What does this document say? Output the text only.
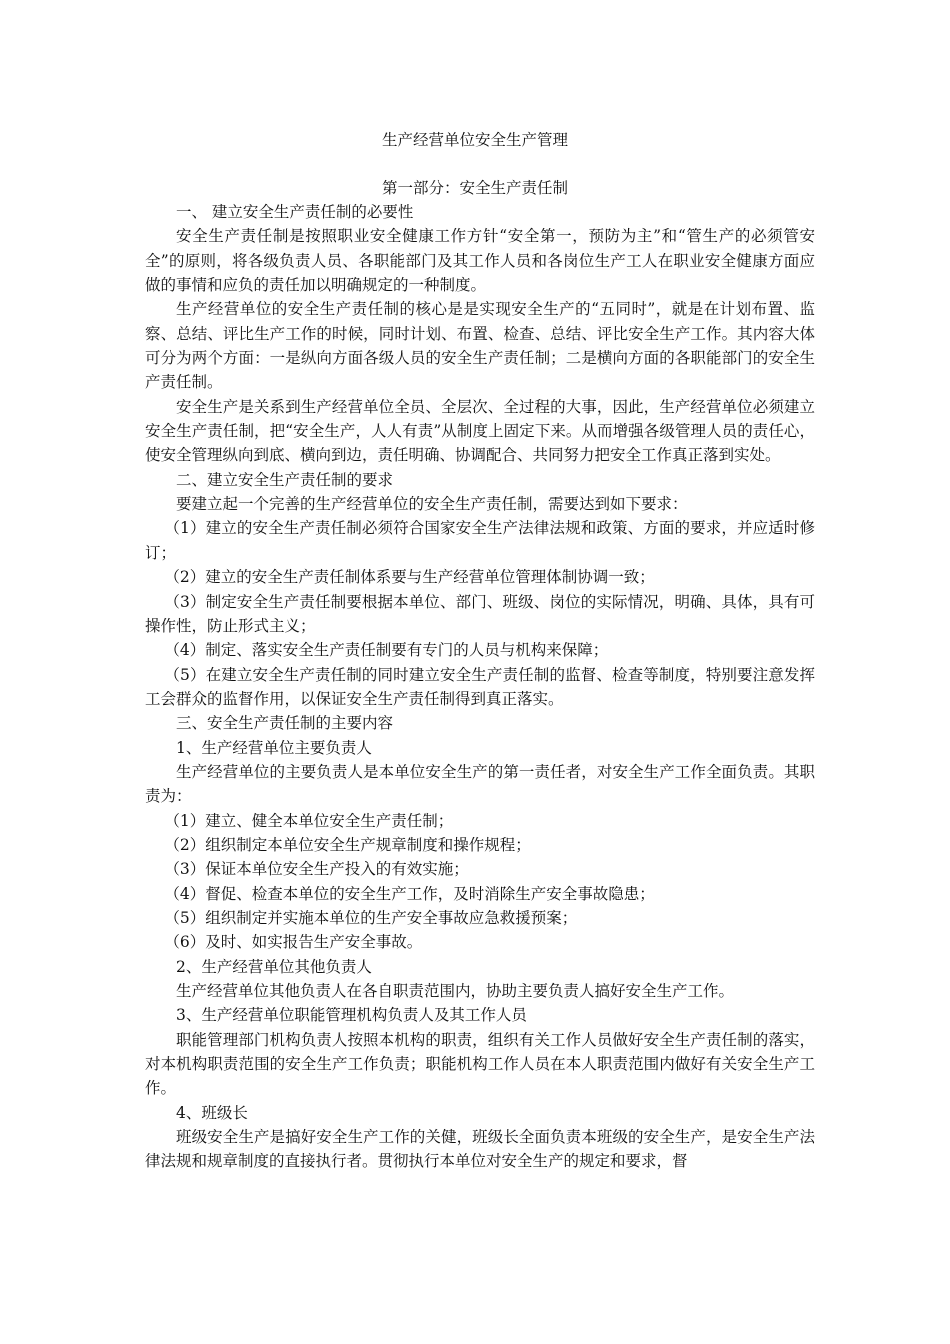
生产经营单位安全生产管理
第一部分：安全生产责任制

一、 建立安全生产责任制的必要性

安全生产责任制是按照职业安全健康工作方针“安全第一，预防为主”和“管生产的必须管安全”的原则，将各级负责人员、各职能部门及其工作人员和各岗位生产工人在职业安全健康方面应做的事情和应负的责任加以明确规定的一种制度。

生产经营单位的安全生产责任制的核心是是实现安全生产的“五同时”，就是在计划布置、监察、总结、评比生产工作的时候，同时计划、布置、检查、总结、评比安全生产工作。其内容大体可分为两个方面：一是纵向方面各级人员的安全生产责任制；二是横向方面的各职能部门的安全生产责任制。

安全生产是关系到生产经营单位全员、全层次、全过程的大事，因此，生产经营单位必须建立安全生产责任制，把“安全生产，人人有责”从制度上固定下来。从而增强各级管理人员的责任心，使安全管理纵向到底、横向到边，责任明确、协调配合、共同努力把安全工作真正落到实处。

二、建立安全生产责任制的要求

要建立起一个完善的生产经营单位的安全生产责任制，需要达到如下要求：

（1）建立的安全生产责任制必须符合国家安全生产法律法规和政策、方面的要求，并应适时修订；

（2）建立的安全生产责任制体系要与生产经营单位管理体制协调一致；

（3）制定安全生产责任制要根据本单位、部门、班级、岗位的实际情况，明确、具体，具有可操作性，防止形式主义；

（4）制定、落实安全生产责任制要有专门的人员与机构来保障；

（5）在建立安全生产责任制的同时建立安全生产责任制的监督、检查等制度，特别要注意发挥工会群众的监督作用，以保证安全生产责任制得到真正落实。

三、安全生产责任制的主要内容

1、生产经营单位主要负责人

生产经营单位的主要负责人是本单位安全生产的第一责任者，对安全生产工作全面负责。其职责为：

（1）建立、健全本单位安全生产责任制；

（2）组织制定本单位安全生产规章制度和操作规程；

（3）保证本单位安全生产投入的有效实施；

（4）督促、检查本单位的安全生产工作，及时消除生产安全事故隐患；

（5）组织制定并实施本单位的生产安全事故应急救援预案；

（6）及时、如实报告生产安全事故。

2、生产经营单位其他负责人

生产经营单位其他负责人在各自职责范围内，协助主要负责人搞好安全生产工作。

3、生产经营单位职能管理机构负责人及其工作人员

职能管理部门机构负责人按照本机构的职责，组织有关工作人员做好安全生产责任制的落实，对本机构职责范围的安全生产工作负责；职能机构工作人员在本人职责范围内做好有关安全生产工作。

4、班级长

班级安全生产是搞好安全生产工作的关健，班级长全面负责本班级的安全生产，是安全生产法律法规和规章制度的直接执行者。贯彻执行本单位对安全生产的规定和要求，督
